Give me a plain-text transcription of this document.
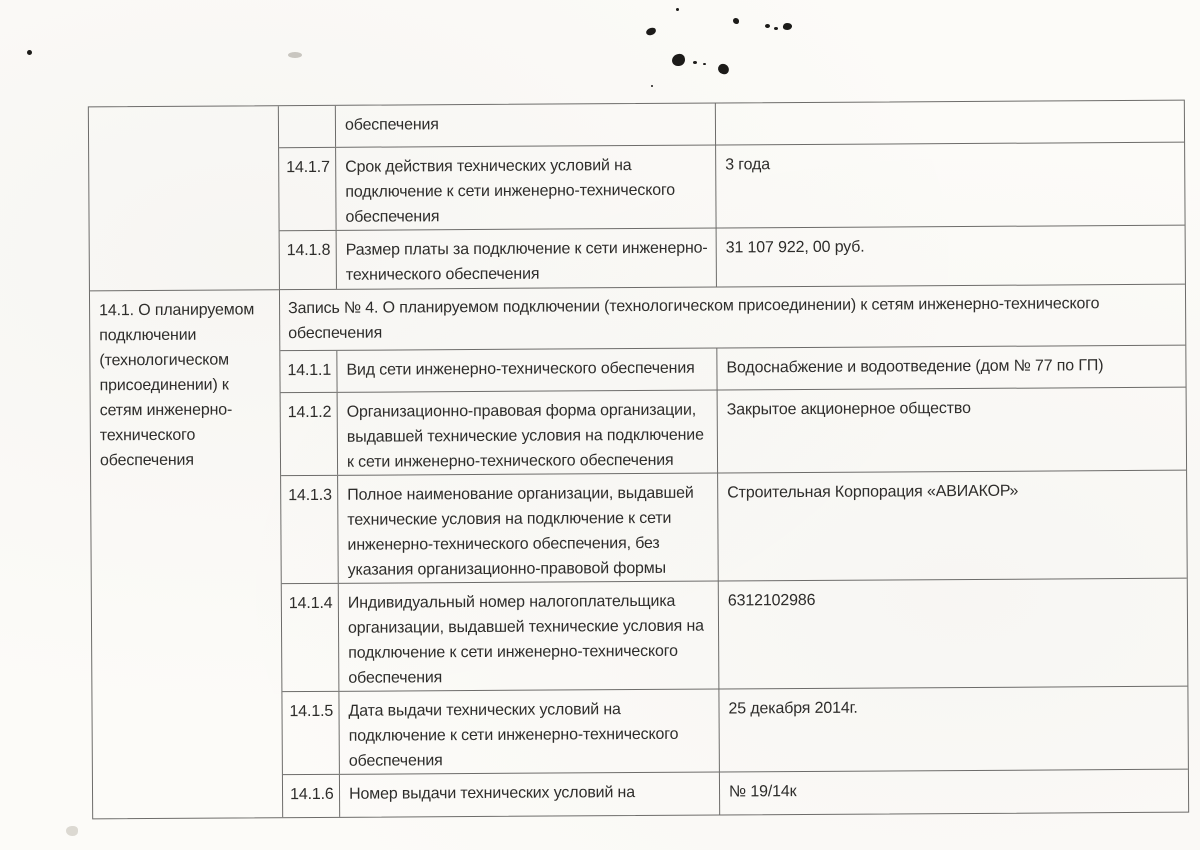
14.1. О планируемом подключении (технологическом присоединении) к сетям инженерно-технического обеспечения
обеспечения
14.1.7 Срок действия технических условий на подключение к сети инженерно-технического обеспечения
3 года
14.1.8 Размер платы за подключение к сети инженерно-технического обеспечения
31 107 922, 00 руб.
Запись № 4. О планируемом подключении (технологическом присоединении) к сетям инженерно-технического обеспечения
14.1.1 Вид сети инженерно-технического обеспечения	Водоснабжение и водоотведение (дом № 77 по ГП)
14.1.2 Организационно-правовая форма организации, выдавшей технические условия на подключение к сети инженерно-технического обеспечения
Закрытое акционерное общество
14.1.3 Полное наименование организации, выдавшей технические условия на подключение к сети инженерно-технического обеспечения, без указания организационно-правовой формы
Строительная Корпорация «АВИАКОР»
14.1.4 Индивидуальный номер налогоплательщика организации, выдавшей технические условия на подключение к сети инженерно-технического обеспечения
6312102986
14.1.5 Дата выдачи технических условий на подключение к сети инженерно-технического обеспечения
25 декабря 2014г.
14.1.6 Номер выдачи технических условий на	№ 19/14к
